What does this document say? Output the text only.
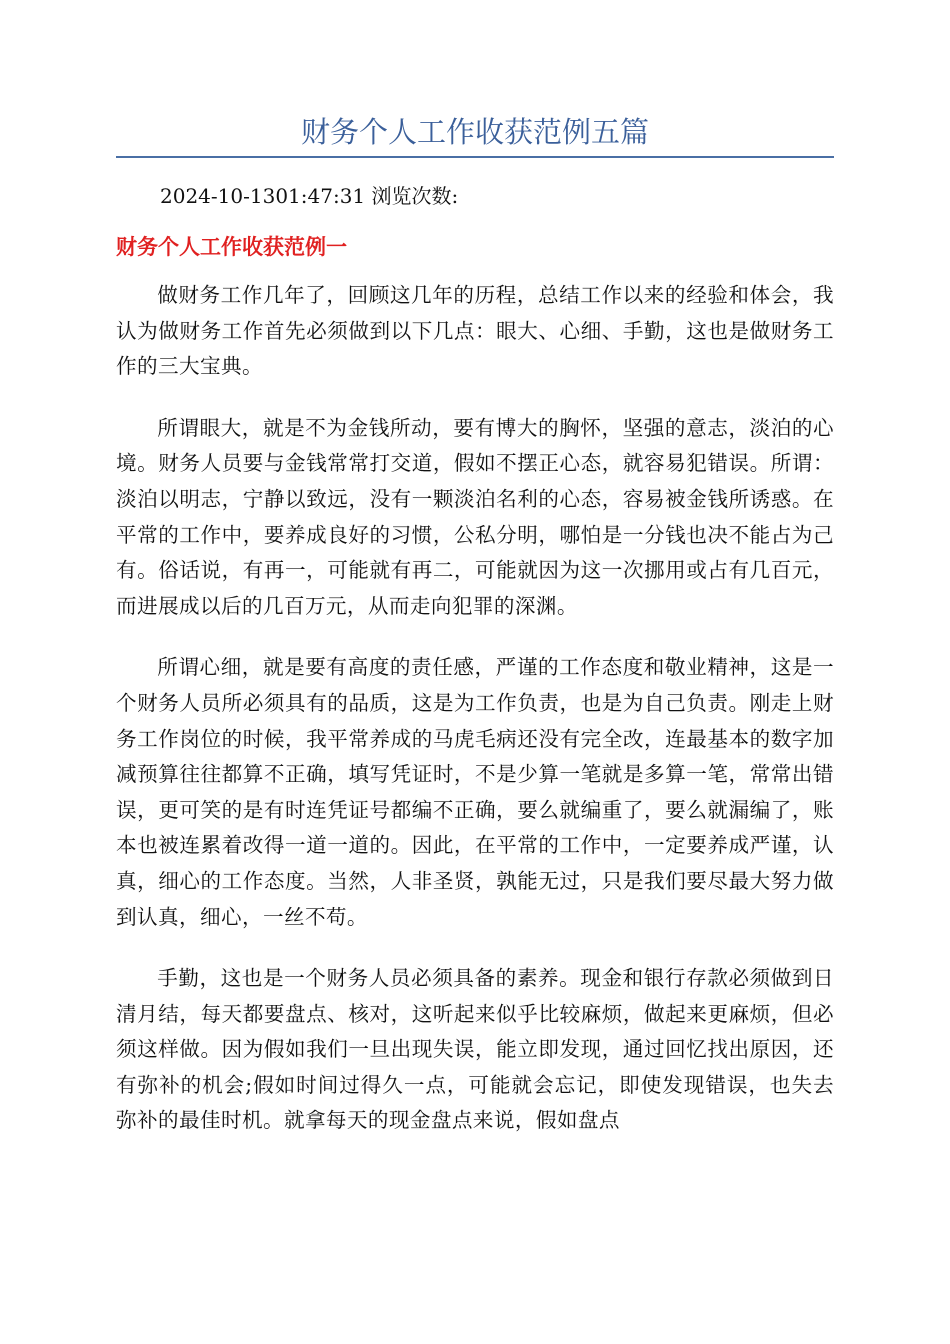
财务个人工作收获范例五篇
2024-10-1301:47:31 浏览次数:
财务个人工作收获范例一

做财务工作几年了，回顾这几年的历程，总结工作以来的经验和体会，我认为做财务工作首先必须做到以下几点：眼大、心细、手勤，这也是做财务工作的三大宝典。

所谓眼大，就是不为金钱所动，要有博大的胸怀，坚强的意志，淡泊的心境。财务人员要与金钱常常打交道，假如不摆正心态，就容易犯错误。所谓：淡泊以明志，宁静以致远，没有一颗淡泊名利的心态，容易被金钱所诱惑。在平常的工作中，要养成良好的习惯，公私分明，哪怕是一分钱也决不能占为己有。俗话说，有再一，可能就有再二，可能就因为这一次挪用或占有几百元，而进展成以后的几百万元，从而走向犯罪的深渊。

所谓心细，就是要有高度的责任感，严谨的工作态度和敬业精神，这是一个财务人员所必须具有的品质，这是为工作负责，也是为自己负责。刚走上财务工作岗位的时候，我平常养成的马虎毛病还没有完全改，连最基本的数字加减预算往往都算不正确，填写凭证时，不是少算一笔就是多算一笔，常常出错误，更可笑的是有时连凭证号都编不正确，要么就编重了，要么就漏编了，账本也被连累着改得一道一道的。因此，在平常的工作中，一定要养成严谨，认真，细心的工作态度。当然，人非圣贤，孰能无过，只是我们要尽最大努力做到认真，细心，一丝不苟。

手勤，这也是一个财务人员必须具备的素养。现金和银行存款必须做到日清月结，每天都要盘点、核对，这听起来似乎比较麻烦，做起来更麻烦，但必须这样做。因为假如我们一旦出现失误，能立即发现，通过回忆找出原因，还有弥补的机会;假如时间过得久一点，可能就会忘记，即使发现错误，也失去弥补的最佳时机。就拿每天的现金盘点来说，假如盘点
